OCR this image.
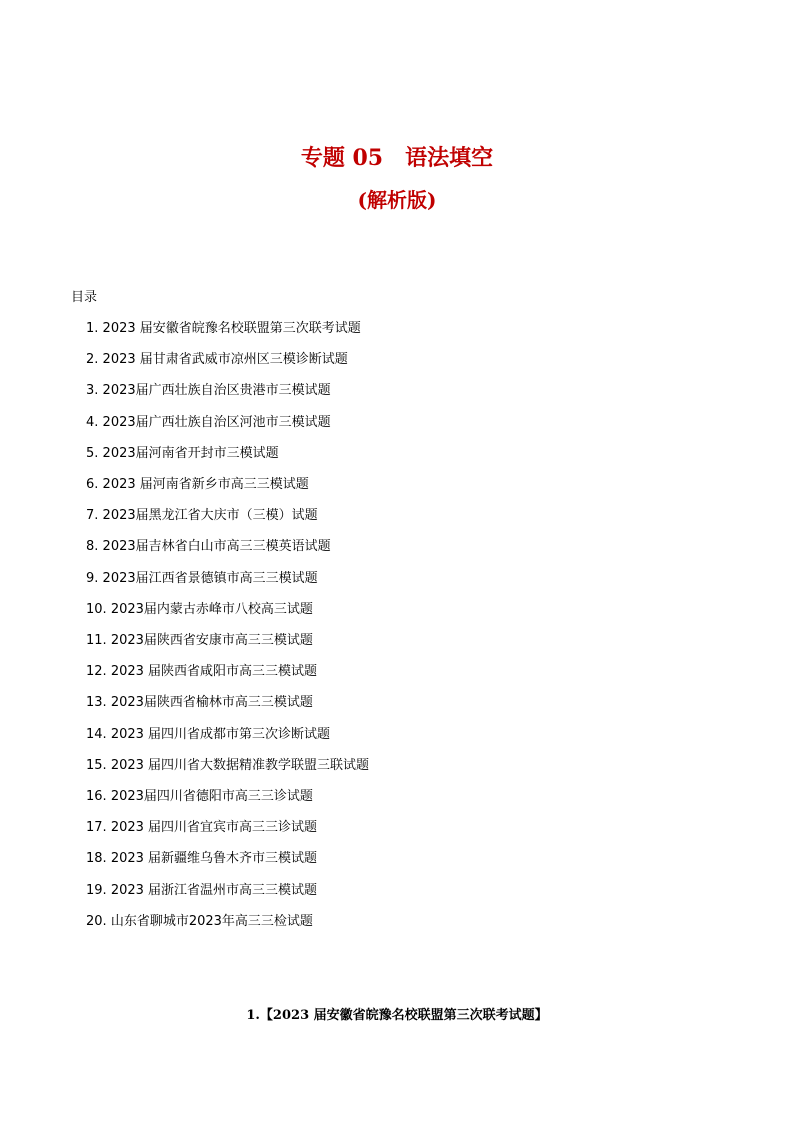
专题 05 语法填空
(解析版)
目录
1. 2023 届安徽省皖豫名校联盟第三次联考试题
2. 2023 届甘肃省武威市凉州区三模诊断试题
3. 2023届广西壮族自治区贵港市三模试题
4. 2023届广西壮族自治区河池市三模试题
5. 2023届河南省开封市三模试题
6. 2023 届河南省新乡市高三三模试题
7. 2023届黑龙江省大庆市（三模）试题
8. 2023届吉林省白山市高三三模英语试题
9. 2023届江西省景德镇市高三三模试题
10. 2023届内蒙古赤峰市八校高三试题
11. 2023届陕西省安康市高三三模试题
12. 2023 届陕西省咸阳市高三三模试题
13. 2023届陕西省榆林市高三三模试题
14. 2023 届四川省成都市第三次诊断试题
15. 2023 届四川省大数据精准教学联盟三联试题
16. 2023届四川省德阳市高三三诊试题
17. 2023 届四川省宜宾市高三三诊试题
18. 2023 届新疆维乌鲁木齐市三模试题
19. 2023 届浙江省温州市高三三模试题
20. 山东省聊城市2023年高三三检试题
1.【2023 届安徽省皖豫名校联盟第三次联考试题】
